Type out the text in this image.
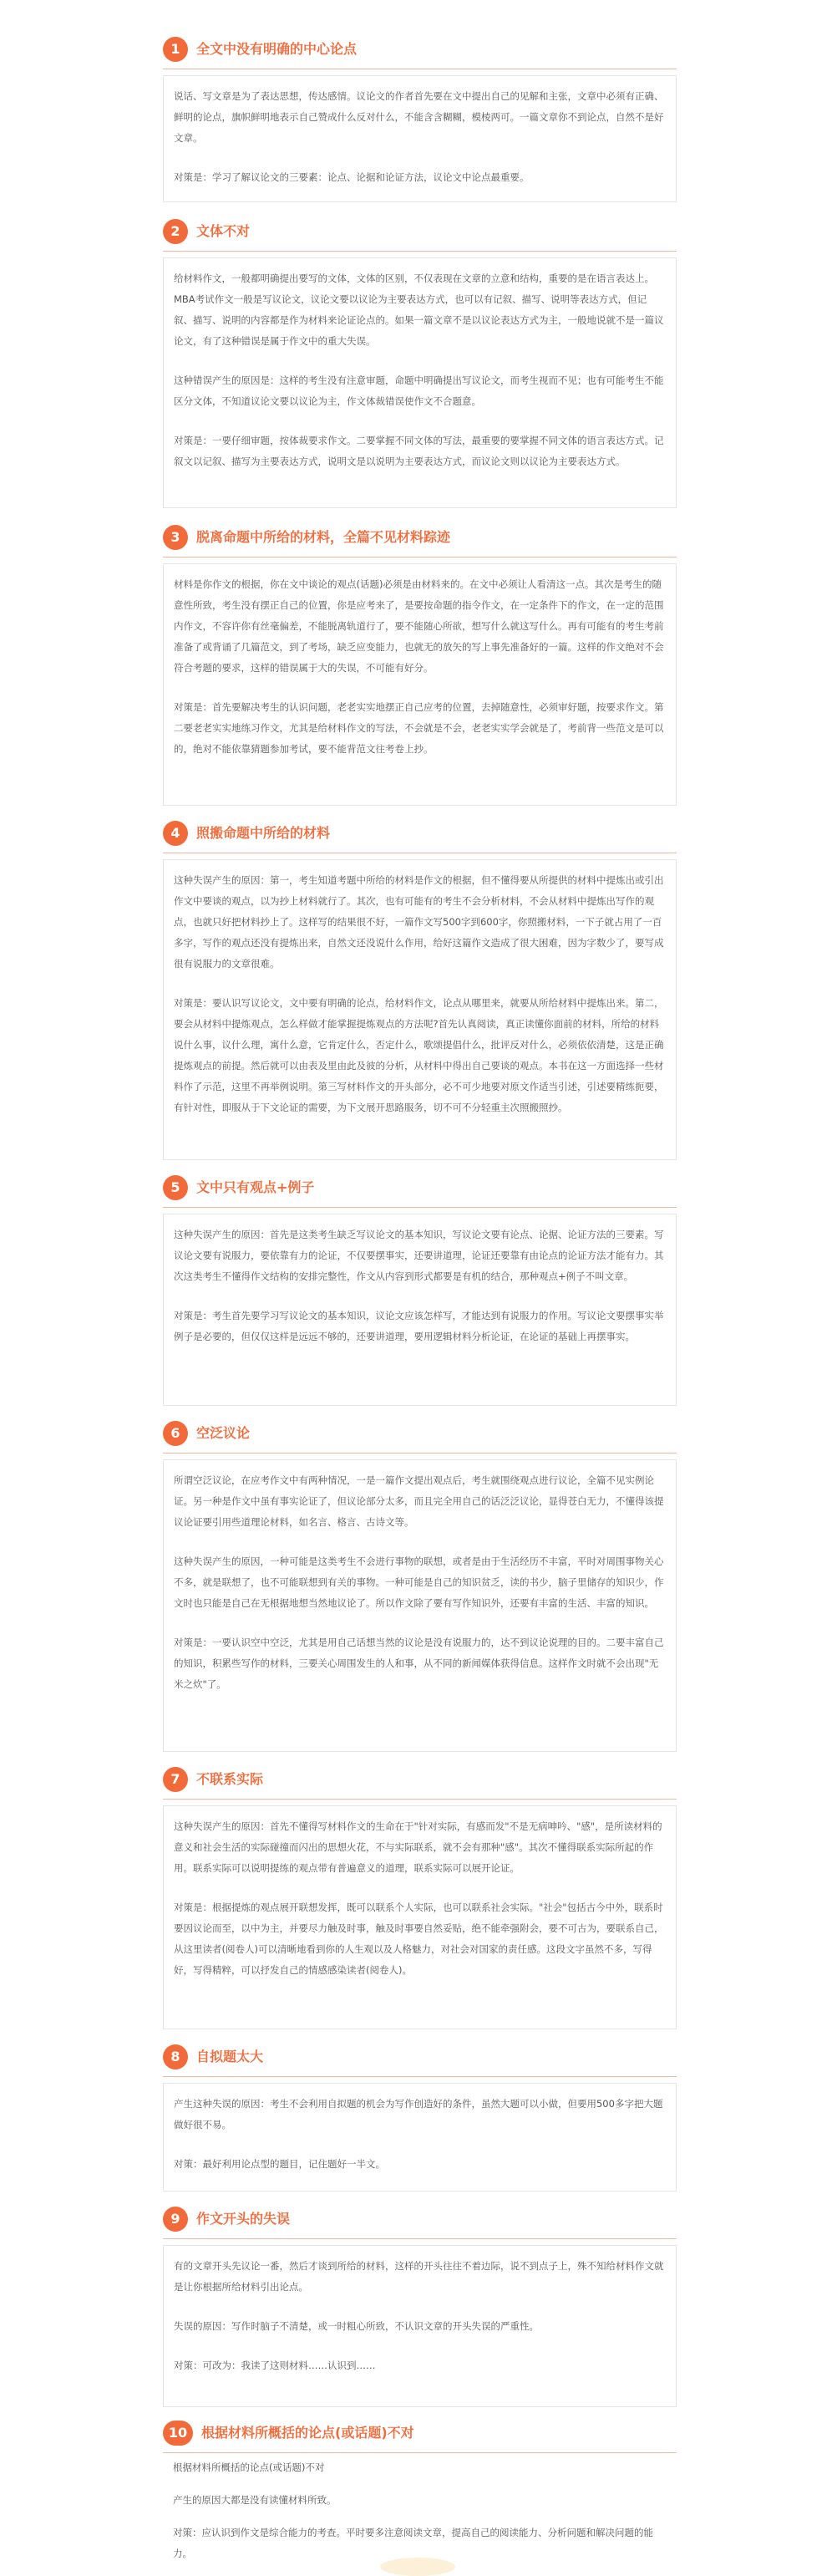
1	全文中没有明确的中心论点

说话、写文章是为了表达思想，传达感情。议论文的作者首先要在文中提出自己的见解和主张，文章中必须有正确、鲜明的论点，旗帜鲜明地表示自己赞成什么反对什么，不能含含糊糊，模棱两可。一篇文章你不到论点，自然不是好文章。

对策是：学习了解议论文的三要素：论点、论据和论证方法，议论文中论点最重要。

2	文体不对

给材料作文，一般都明确提出要写的文体，文体的区别，不仅表现在文章的立意和结构，重要的是在语言表达上。MBA考试作文一般是写议论文，议论文要以议论为主要表达方式，也可以有记叙、描写、说明等表达方式，但记叙、描写、说明的内容都是作为材料来论证论点的。如果一篇文章不是以议论表达方式为主，一般地说就不是一篇议论文，有了这种错误是属于作文中的重大失误。

这种错误产生的原因是：这样的考生没有注意审题，命题中明确提出写议论文，而考生视而不见；也有可能考生不能区分文体，不知道议论文要以议论为主，作文体裁错误使作文不合题意。

对策是：一要仔细审题，按体裁要求作文。二要掌握不同文体的写法，最重要的要掌握不同文体的语言表达方式。记叙文以记叙、描写为主要表达方式，说明文是以说明为主要表达方式，而议论文则以议论为主要表达方式。

3	脱离命题中所给的材料，全篇不见材料踪迹

材料是你作文的根据，你在文中谈论的观点(话题)必须是由材料来的。在文中必须让人看清这一点。其次是考生的随意性所致，考生没有摆正自己的位置，你是应考来了，是要按命题的指令作文，在一定条件下的作文，在一定的范围内作文，不容许你有丝毫偏差，不能脱离轨道行了，要不能随心所欲，想写什么就这写什么。再有可能有的考生考前准备了或背诵了几篇范文，到了考场，缺乏应变能力，也就无的放矢的写上事先准备好的一篇。这样的作文绝对不会符合考题的要求，这样的错误属于大的失误，不可能有好分。

对策是：首先要解决考生的认识问题，老老实实地摆正自己应考的位置，去掉随意性，必须审好题，按要求作文。第二要老老实实地练习作文，尤其是给材料作文的写法，不会就是不会，老老实实学会就是了，考前背一些范文是可以的，绝对不能依靠猜题参加考试，要不能背范文往考卷上抄。

4	照搬命题中所给的材料

这种失误产生的原因：第一，考生知道考题中所给的材料是作文的根据，但不懂得要从所提供的材料中提炼出或引出作文中要谈的观点，以为抄上材料就行了。其次，也有可能有的考生不会分析材料，不会从材料中提炼出写作的观点，也就只好把材料抄上了。这样写的结果很不好，一篇作文写500字到600字，你照搬材料，一下子就占用了一百多字，写作的观点还没有提炼出来，自然文还没说什么作用，给好这篇作文造成了很大困难，因为字数少了，要写成很有说服力的文章很难。

对策是：要认识写议论文，文中要有明确的论点，给材料作文，论点从哪里来，就要从所给材料中提炼出来。第二，要会从材料中提炼观点，怎么样做才能掌握提炼观点的方法呢?首先认真阅读，真正读懂你面前的材料，所给的材料说什么事，议什么理，寓什么意，它肯定什么，否定什么，歌颂提倡什么，批评反对什么，必须依依清楚，这是正确提炼观点的前提。然后就可以由表及里由此及彼的分析，从材料中得出自己要谈的观点。本书在这一方面选择一些材料作了示范，这里不再举例说明。第三写材料作文的开头部分，必不可少地要对原文作适当引述，引述要精练扼要，有针对性，即服从于下文论证的需要，为下文展开思路服务，切不可不分轻重主次照搬照抄。

5	文中只有观点+例子

这种失误产生的原因：首先是这类考生缺乏写议论文的基本知识，写议论文要有论点、论据、论证方法的三要素。写议论文要有说服力，要依靠有力的论证，不仅要摆事实，还要讲道理，论证还要靠有由论点的论证方法才能有力。其次这类考生不懂得作文结构的安排完整性，作文从内容到形式都要是有机的结合，那种观点+例子不叫文章。

对策是：考生首先要学习写议论文的基本知识，议论文应该怎样写，才能达到有说服力的作用。写议论文要摆事实举例子是必要的，但仅仅这样是远远不够的，还要讲道理，要用逻辑材料分析论证，在论证的基础上再摆事实。

6	空泛议论

所谓空泛议论，在应考作文中有两种情况，一是一篇作文提出观点后，考生就围绕观点进行议论，全篇不见实例论证。另一种是作文中虽有事实论证了，但议论部分太多，而且完全用自己的话泛泛议论，显得苍白无力，不懂得该提议论证要引用些道理论材料，如名言、格言、古诗文等。

这种失误产生的原因，一种可能是这类考生不会进行事物的联想，或者是由于生活经历不丰富，平时对周围事物关心不多，就是联想了，也不可能联想到有关的事物。一种可能是自己的知识贫乏，读的书少，脑子里储存的知识少，作文时也只能是自己在无根据地想当然地议论了。所以作文除了要有写作知识外，还要有丰富的生活、丰富的知识。

对策是：一要认识空中空泛，尤其是用自己话想当然的议论是没有说服力的，达不到议论说理的目的。二要丰富自己的知识，积累些写作的材料，三要关心周围发生的人和事，从不同的新闻媒体获得信息。这样作文时就不会出现"无米之炊"了。

7	不联系实际

这种失误产生的原因：首先不懂得写材料作文的生命在于"针对实际，有感而发"不是无病呻吟、"感"，是所读材料的意义和社会生活的实际碰撞而闪出的思想火花，不与实际联系，就不会有那种"感"。其次不懂得联系实际所起的作用。联系实际可以说明提练的观点带有普遍意义的道理，联系实际可以展开论证。

对策是：根据提炼的观点展开联想发挥，既可以联系个人实际，也可以联系社会实际。"社会"包括古今中外，联系时要因议论而至，以中为主，并要尽力触及时事，触及时事要自然妥贴，绝不能牵强附会，要不可古为，要联系自己，从这里读者(阅卷人)可以清晰地看到你的人生观以及人格魅力，对社会对国家的责任感。这段文字虽然不多，写得好，写得精粹，可以抒发自己的情感感染读者(阅卷人)。

8	自拟题太大

产生这种失误的原因：考生不会利用自拟题的机会为写作创造好的条件，虽然大题可以小做，但要用500多字把大题做好很不易。

对策：最好利用论点型的题目，记住题好一半文。

9	作文开头的失误

有的文章开头先议论一番，然后才谈到所给的材料，这样的开头往往不着边际，说不到点子上，殊不知给材料作文就是让你根据所给材料引出论点。

失误的原因：写作时脑子不清楚，或一时粗心所致，不认识文章的开头失误的严重性。

对策：可改为：我读了这则材料……认识到……

10	根据材料所概括的论点(或话题)不对

根据材料所概括的论点(或话题)不对

产生的原因大都是没有读懂材料所致。

对策：应认识到作文是综合能力的考查。平时要多注意阅读文章，提高自己的阅读能力、分析问题和解决问题的能力。
